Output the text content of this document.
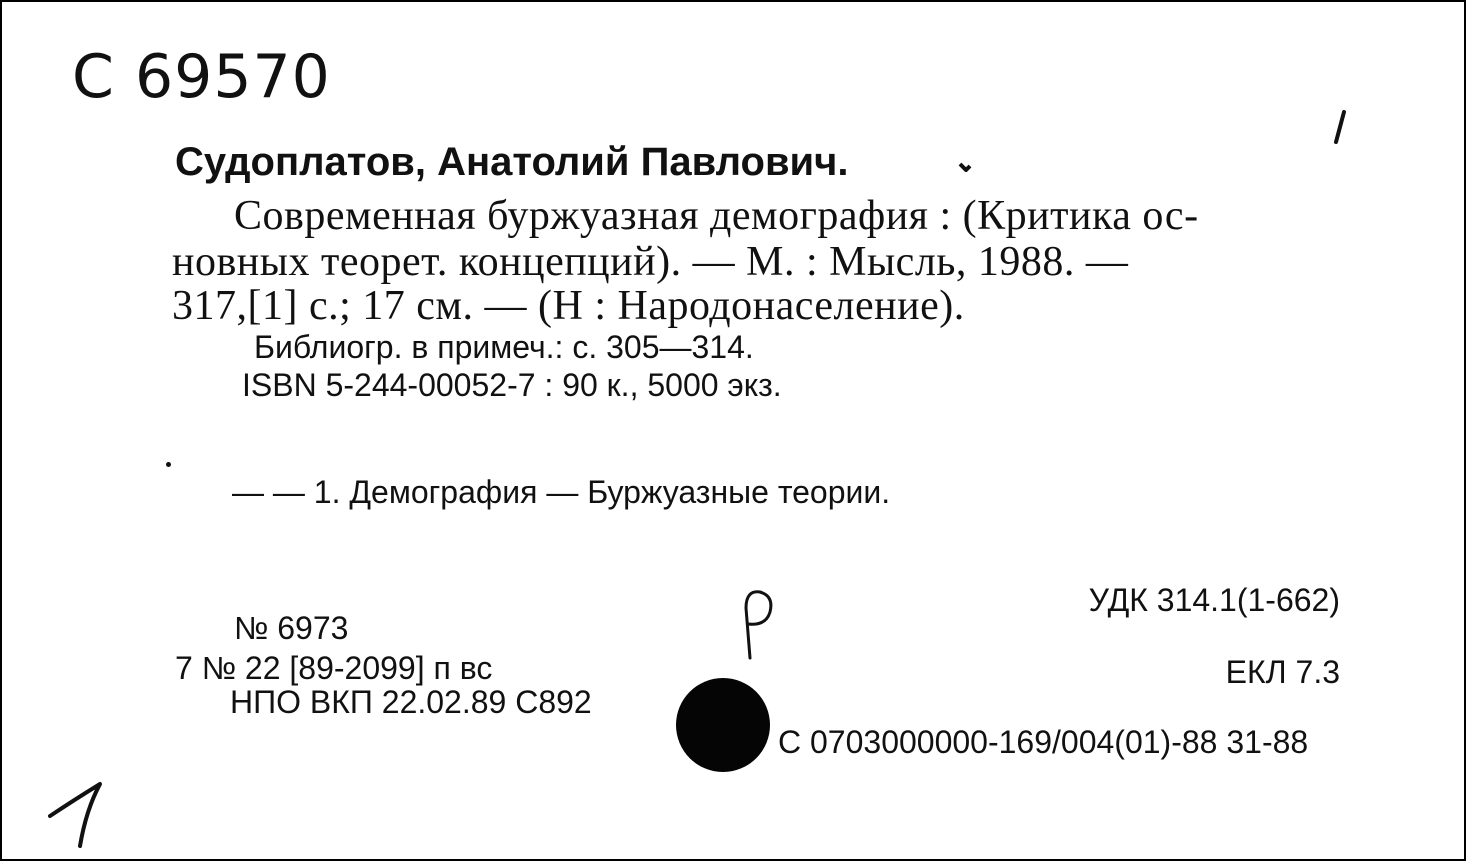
С 69570
Судоплатов, Анатолий Павлович.
Современная буржуазная демография : (Критика ос-
новных теорет. концепций). — М. : Мысль, 1988. —
317,[1] с.; 17 см. — (Н : Народонаселение).
Библиогр. в примеч.: с. 305—314.
ISBN 5-244-00052-7 : 90 к., 5000 экз.
— — 1. Демография — Буржуазные теории.
УДК 314.1(1-662)
№ 6973
ЕКЛ 7.3
7 № 22 [89-2099] п вс
НПО ВКП 22.02.89 С892
С 0703000000-169/004(01)-88 31-88
